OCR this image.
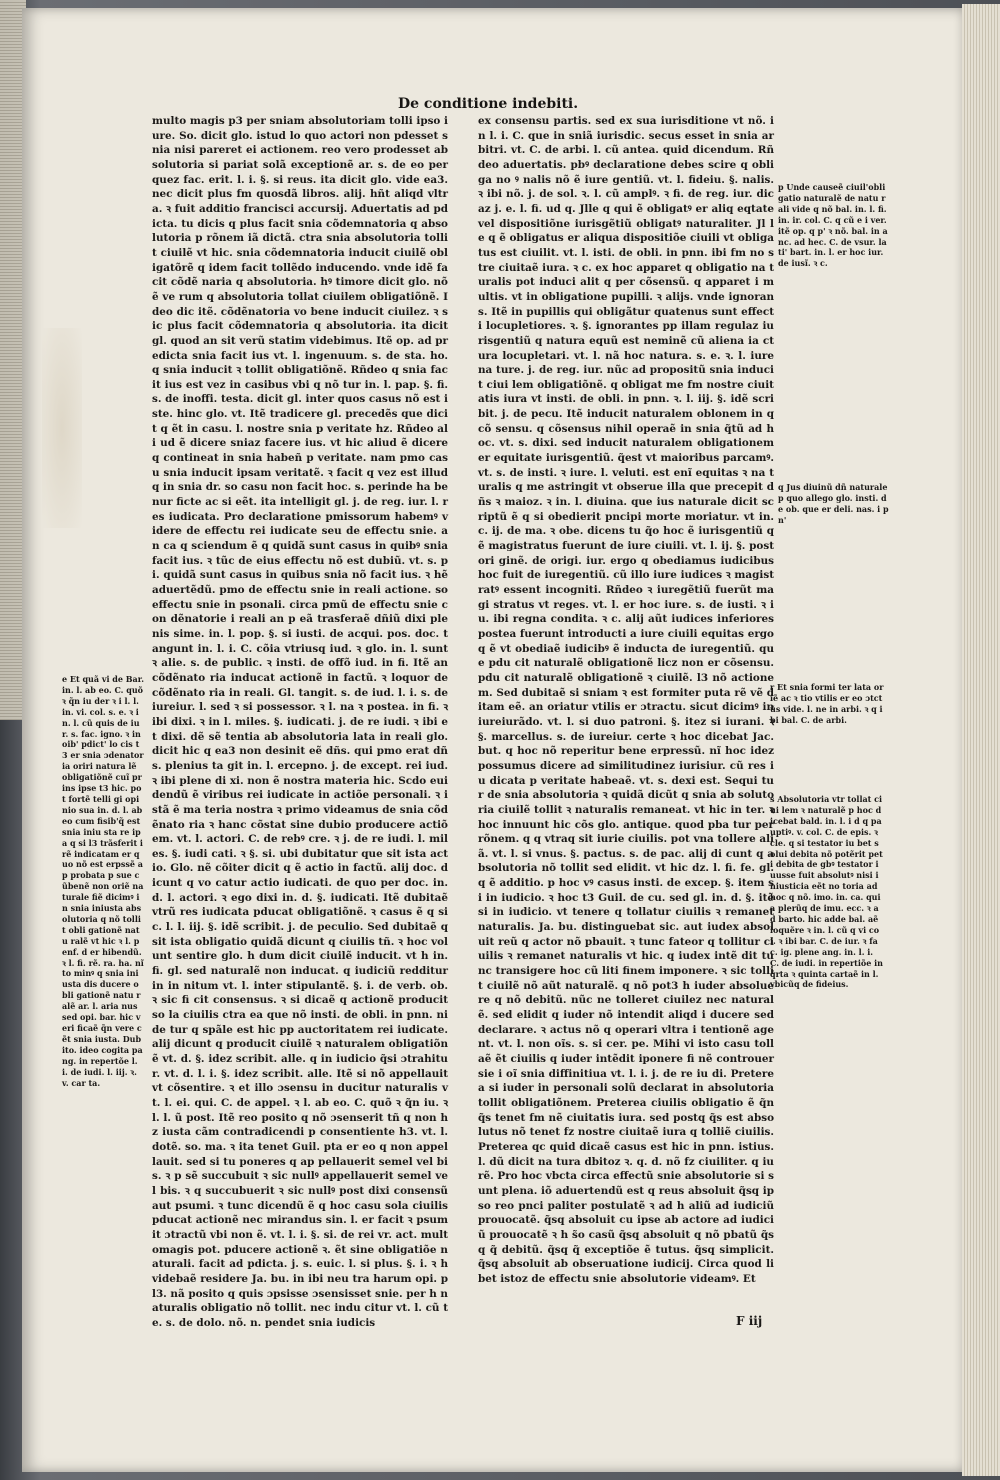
De conditione indebiti.
multo magis p3 per sniam absolutoriam tolli ipso iure. So. dicit glo. istud lo quo actori non pdesset snia nisi pareret ei actionem. reo vero prodesset ab solutoria si pariat solã exceptionẽ ar. s. de eo per quez fac. erit. l. i. §. si reus. ita dicit glo. vide ea3. nec dicit plus fm quosdã libros. alij. hñt aliqd vltra. ꝛ fuit additio francisci accursij. Aduertatis ad pdicta. tu dicis q plus facit snia cõdemnatoria q absolutoria p rõnem iã dictã. ctra snia absolutoria tollit ciuilẽ vt hic. snia cõdemnatoria inducit ciuilẽ obligatõrẽ q idem facit tollẽdo inducendo. vnde idẽ facit cõdẽ naria q absolutoria. hꝰ timore dicit glo. nõ ẽ ve rum q absolutoria tollat ciuilem obligatiõnẽ. Ideo dic itẽ. cõdẽnatoria vo bene inducit ciuilez. ꝛ sic plus facit cõdemnatoria q absolutoria. ita dicit gl. quod an sit verũ statim videbimus. Itẽ op. ad predicta snia facit ius vt. l. ingenuum. s. de sta. ho. q snia inducit ꝛ tollit obligatiõnẽ. Rñdeo q snia facit ius est vez in casibus vbi q nõ tur in. l. pap. §. fi. s. de inoffi. testa. dicit gl. inter quos casus nõ est iste. hinc glo. vt. Itẽ tradicere gl. precedẽs que dicit q ẽt in casu. l. nostre snia p veritate hz. Rñdeo ali ud ẽ dicere sniaz facere ius. vt hic aliud ẽ dicere q contineat in snia habeñ p veritate. nam pmo casu snia inducit ipsam veritatẽ. ꝛ facit q vez est illud q in snia dr. so casu non facit hoc. s. perinde ha benur ficte ac si eẽt. ita intelligit gl. j. de reg. iur. l. res iudicata. Pro declaratione pmissorum habemꝰ videre de effectu rei iudicate seu de effectu snie. an ca q sciendum ẽ q quidã sunt casus in quibꝰ snia facit ius. ꝛ tũc de eius effectu nõ est dubiũ. vt. s. pi. quidã sunt casus in quibus snia nõ facit ius. ꝛ hẽ aduertẽdũ. pmo de effectu snie in reali actione. so effectu snie in psonali. circa pmũ de effectu snie con dẽnatorie i reali an p eã trasferaẽ dñiũ dixi plenis sime. in. l. pop. §. si iusti. de acqui. pos. doc. tangunt in. l. i. C. cõia vtriusq iud. ꝛ glo. in. l. sunt ꝛ alie. s. de public. ꝛ insti. de offõ iud. in fi. Itẽ an cõdẽnato ria inducat actionẽ in factũ. ꝛ loquor de cõdẽnato ria in reali. Gl. tangit. s. de iud. l. i. s. de iureiur. l. sed ꝛ si possessor. ꝛ l. na ꝛ postea. in fi. ꝛ ibi dixi. ꝛ in l. miles. §. iudicati. j. de re iudi. ꝛ ibi et dixi. dẽ sẽ tentia ab absolutoria lata in reali glo. dicit hic q ea3 non desinit eẽ dñs. qui pmo erat dñs. plenius ta git in. l. ercepno. j. de except. rei iud. ꝛ ibi plene di xi. non ẽ nostra materia hic. Scdo euidendũ ẽ viribus rei iudicate in actiõe personali. ꝛ istã ẽ ma teria nostra ꝛ primo videamus de snia cõdẽnato ria ꝛ hanc cõstat sine dubio producere actiõem. vt. l. actori. C. de rebꝰ cre. ꝛ j. de re iudi. l. miles. §. iudi cati. ꝛ §. si. ubi dubitatur que sit ista actio. Glo. nẽ cõiter dicit q ẽ actio in factũ. alij doc. dicunt q vo catur actio iudicati. de quo per doc. in. d. l. actori. ꝛ ego dixi in. d. §. iudicati. Itẽ dubitaẽ vtrũ res iudicata pducat obligatiõnẽ. ꝛ casus ẽ q sic. l. l. iij. §. idẽ scribit. j. de peculio. Sed dubitaẽ q sit ista obligatio quidã dicunt q ciuilis tñ. ꝛ hoc volunt sentire glo. h dum dicit ciuilẽ inducit. vt h in. fi. gl. sed naturalẽ non inducat. q iudiciũ redditur in in nitum vt. l. inter stipulantẽ. §. i. de verb. ob. ꝛ sic fi cit consensus. ꝛ si dicaẽ q actionẽ producit so la ciuilis ctra ea que nõ insti. de obli. in pnn. nide tur q spãle est hic pp auctoritatem rei iudicate. alij dicunt q producit ciuilẽ ꝛ naturalem obligatiõnẽ vt. d. §. idez scribit. alle. q in iudicio q̃si ɔtrahitur. vt. d. l. i. §. idez scribit. alle. Itẽ si nõ appellauit vt cõsentire. ꝛ et illo ɔsensu in ducitur naturalis vt. l. ei. qui. C. de appel. ꝛ l. ab eo. C. quõ ꝛ q̃n iu. ꝛ l. l. ũ post. Itẽ reo posito q nõ ɔsenserit tñ q non hz iusta cãm contradicendi p consentiente h3. vt. l. dotẽ. so. ma. ꝛ ita tenet Guil. pta er eo q non appellauit. sed si tu poneres q ap pellauerit semel vel bis. ꝛ p sẽ succubuit ꝛ sic nullꝰ appellauerit semel vel bis. ꝛ q succubuerit ꝛ sic nullꝰ post dixi consensũ aut psumi. ꝛ tunc dicendũ ẽ q hoc casu sola ciuilis pducat actionẽ nec mirandus sin. l. er facit ꝛ psumit ɔtractũ vbi non ẽ. vt. l. i. §. si. de rei vr. act. multomagis pot. pducere actionẽ ꝛ. ẽt sine obligatiõe naturali. facit ad pdicta. j. s. euic. l. si plus. §. i. ꝛ h videbaẽ residere Ja. bu. in ibi neu tra harum opi. pl3. nã posito q quis ɔpsisse ɔsensisset snie. per h naturalis obligatio nõ tollit. nec indu citur vt. l. cũ te. s. de dolo. nõ. n. pendet snia iudicis
ex consensu partis. sed ex sua iurisditione vt nõ. in l. i. C. que in sniã iurisdic. secus esset in snia arbitri. vt. C. de arbi. l. cũ antea. quid dicendum. Rñdeo aduertatis. pbꝰ declaratione debes scire q obliga no ꝰ nalis nõ ẽ iure gentiũ. vt. l. fideiu. §. nalis. ꝛ ibi nõ. j. de sol. ꝛ. l. cũ amplꝰ. ꝛ fi. de reg. iur. dicaz j. e. l. fi. ud q. Jlle q qui ẽ obligatꝰ er aliq eqtate vel dispositiõne iurisgẽtiũ obligatꝰ naturaliter. Jl le q ẽ obligatus er aliqua dispositiõe ciuili vt obligatus est ciuilit. vt. l. isti. de obli. in pnn. ibi fm no stre ciuitaẽ iura. ꝛ c. ex hoc apparet q obligatio na turalis pot induci alit q per cõsensũ. q apparet i multis. vt in obligatione pupilli. ꝛ alijs. vnde ignorans. Itẽ in pupillis qui obligãtur quatenus sunt effecti locupletiores. ꝛ. §. ignorantes pp illam regulaz iurisgentiũ q natura equũ est neminẽ cũ aliena ia ctura locupletari. vt. l. nã hoc natura. s. e. ꝛ. l. iure na ture. j. de reg. iur. nũc ad propositũ snia inducit ciui lem obligatiõnẽ. q obligat me fm nostre ciuitatis iura vt insti. de obli. in pnn. ꝛ. l. iij. §. idẽ scribit. j. de pecu. Itẽ inducit naturalem oblonem in q cõ sensu. q cõsensus nihil operaẽ in snia q̃tũ ad hoc. vt. s. dixi. sed inducit naturalem obligationem er equitate iurisgentiũ. q̃est vt maioribus parcamꝰ. vt. s. de insti. ꝛ iure. l. veluti. est enĩ equitas ꝛ na turalis q me astringit vt obserue illa que precepit dñs ꝛ maioz. ꝛ in. l. diuina. que ius naturale dicit scriptũ ẽ q si obedierit pncipi morte moriatur. vt in. c. ij. de ma. ꝛ obe. dicens tu q̃o hoc ẽ iurisgentiũ q ẽ magistratus fuerunt de iure ciuili. vt. l. ij. §. post ori ginẽ. de origi. iur. ergo q obediamus iudicibus hoc fuit de iuregentiũ. cũ illo iure iudices ꝛ magistratꝰ essent incogniti. Rñdeo ꝛ iuregẽtiũ fuerũt magi stratus vt reges. vt. l. er hoc iure. s. de iusti. ꝛ iu. ibi regna condita. ꝛ c. alij aũt iudices inferiores postea fuerunt introducti a iure ciuili equitas ergo q ẽ vt obediaẽ iudicibꝰ ẽ inducta de iuregentiũ. que pdu cit naturalẽ obligationẽ licz non er cõsensu. pdu cit naturalẽ obligationẽ ꝛ ciuilẽ. l3 nõ actionem. Sed dubitaẽ si sniam ꝛ est formiter puta rẽ vẽ ditam eẽ. an oriatur vtilis er ɔtractu. sicut dicimꝰ in iureiurãdo. vt. l. si duo patroni. §. itez si iurani. ꝛ §. marcellus. s. de iureiur. certe ꝛ hoc dicebat Jac. but. q hoc nõ reperitur bene erpressũ. nĩ hoc idez possumus dicere ad similitudinez iurisiur. cũ res iu dicata p veritate habeaẽ. vt. s. dexi est. Sequi tur de snia absolutoria ꝛ quidã dicũt q snia ab solutoria ciuilẽ tollit ꝛ naturalis remaneat. vt hic in ter. ꝛ hoc innuunt hic cõs glo. antique. quod pba tur per rõnem. q q vtraq sit iurie ciuilis. pot vna tollere aliã. vt. l. si vnus. §. pactus. s. de pac. alij di cunt q absolutoria nõ tollit sed elidit. vt hic dz. l. fi. fe. gl. q ẽ additio. p hoc vꝰ casus insti. de excep. §. item si in iudicio. ꝛ hoc t3 Guil. de cu. sed gl. in. d. §. itẽ si in iudicio. vt tenere q tollatur ciuilis ꝛ remanet naturalis. Ja. bu. distinguebat sic. aut iudex absol uit reũ q actor nõ pbauit. ꝛ tunc fateor q tollitur ciuilis ꝛ remanet naturalis vt hic. q iudex intẽ dit tunc transigere hoc cũ liti finem imponere. ꝛ sic tollit ciuilẽ nõ aũt naturalẽ. q nõ pot3 h iuder absoluere q nõ debitũ. nũc ne tolleret ciuilez nec naturalẽ. sed elidit q iuder nõ intendit aliqd i ducere sed declarare. ꝛ actus nõ q operari vltra i tentionẽ agent. vt. l. non oĩs. s. si cer. pe. Mihi vi isto casu tollaẽ ẽt ciuilis q iuder intẽdit iponere fi nẽ controuersie i oĩ snia diffinitiua vt. l. i. j. de re iu di. Preterea si iuder in personali solũ declarat in absolutoria tollit obligatiõnem. Preterea ciuilis obligatio ẽ q̃n q̃s tenet fm nẽ ciuitatis iura. sed postq q̃s est absolutus nõ tenet fz nostre ciuitaẽ iura q tolliẽ ciuilis. Preterea qc quid dicaẽ casus est hic in pnn. istius. l. dũ dicit na tura dbitoz ꝛ. q. d. nõ fz ciuiliter. q iurẽ. Pro hoc vbcta circa effectũ snie absolutorie si sunt plena. iõ aduertendũ est q reus absoluit q̃sq ipso reo pnci paliter postulatẽ ꝛ ad h aliũ ad iudiciũ prouocatẽ. q̃sq absoluit cu ipse ab actore ad iudiciũ prouocatẽ ꝛ h s̃o casũ q̃sq absoluit q nõ pbatũ q̃sq q̃ debitũ. q̃sq q̃ exceptiõe ẽ tutus. q̃sq simplicit. q̃sq absoluit ab obseruatione iudicij. Circa quod libet istoz de effectu snie absolutorie videamꝰ. Et
e Et quã vi de Bar. in. l. ab eo. C. quõ ꝛ q̃n iu der ꝛ i l. l. in. vi. col. s. e. ꝛ in. l. cũ quis de iur. s. fac. igno. ꝛ in oib' pdict' lo cis t3 er snia ɔdenatoria oriri natura lẽ obligatiõnẽ cuĩ prins ipse t3 hic. pot fortẽ telli gi opinio sua in. d. l. ab eo cum fisib'q̃ est snia iniu sta re ipa q si l3 trãsferit i rẽ indicatam er quo nõ est erpssẽ ap probata p sue cũbenẽ non oriẽ naturale fiẽ dicimꝰ in snia iniusta absolutoria q nõ tollit obli gationẽ natu ralẽ vt hic ꝛ l. penf. d er hibendũ. ꝛ l. fi. rẽ. ra. ha. nĩ to minꝰ q snia iniusta dis ducere obli gationẽ natu ralẽ ar. l. aria nus sed opi. bar. hic veri ficaẽ q̃n vere cẽt snia iusta. Dubito. ideo cogita pang. in repertõe l. i. de iudi. l. iij. ꝛ. v. car ta.
p Unde causeẽ ciuil'obligatio naturalẽ de natu rali vide q nõ bal. in. l. fi. in. ir. col. C. q cũ e i ver. itẽ op. q p' ꝛ nõ. bal. in anc. ad hec. C. de vsur. lati' bart. in. l. er hoc iur. de iusĩ. ꝛ c.
q Jus diuinũ dñ naturale p quo allego glo. insti. de ob. que er deli. nas. i pn'
r Et snia formi ter lata oriẽ ac ꝛ tio vtilis er eo ɔtctũs vide. l. ne in arbi. ꝛ q ibi bal. C. de arbi.
s Absolutoria vtr tollat ciui lem ꝛ naturalẽ p hoc dicebat bald. in. l. i d q pauptiꝰ. v. col. C. de epis. ꝛ cle. q si testator iu bet solui debita nõ potẽrit peti debita de gbꝰ testator iuusse fuit absolutꝰ nisi iniusticia eẽt no toria ad hoc q nõ. imo. in. ca. quia plerũq de imu. ecc. ꝛ ad barto. hic adde bal. aẽ loquẽre ꝛ in. l. cũ q vi col. ꝛ ibi bar. C. de iur. ꝛ fac. ig. plene ang. in. l. i. C. de iudi. in repertiõe in q̃rta ꝛ quinta cartaẽ in l. vbicũq de fideius.
F iij
